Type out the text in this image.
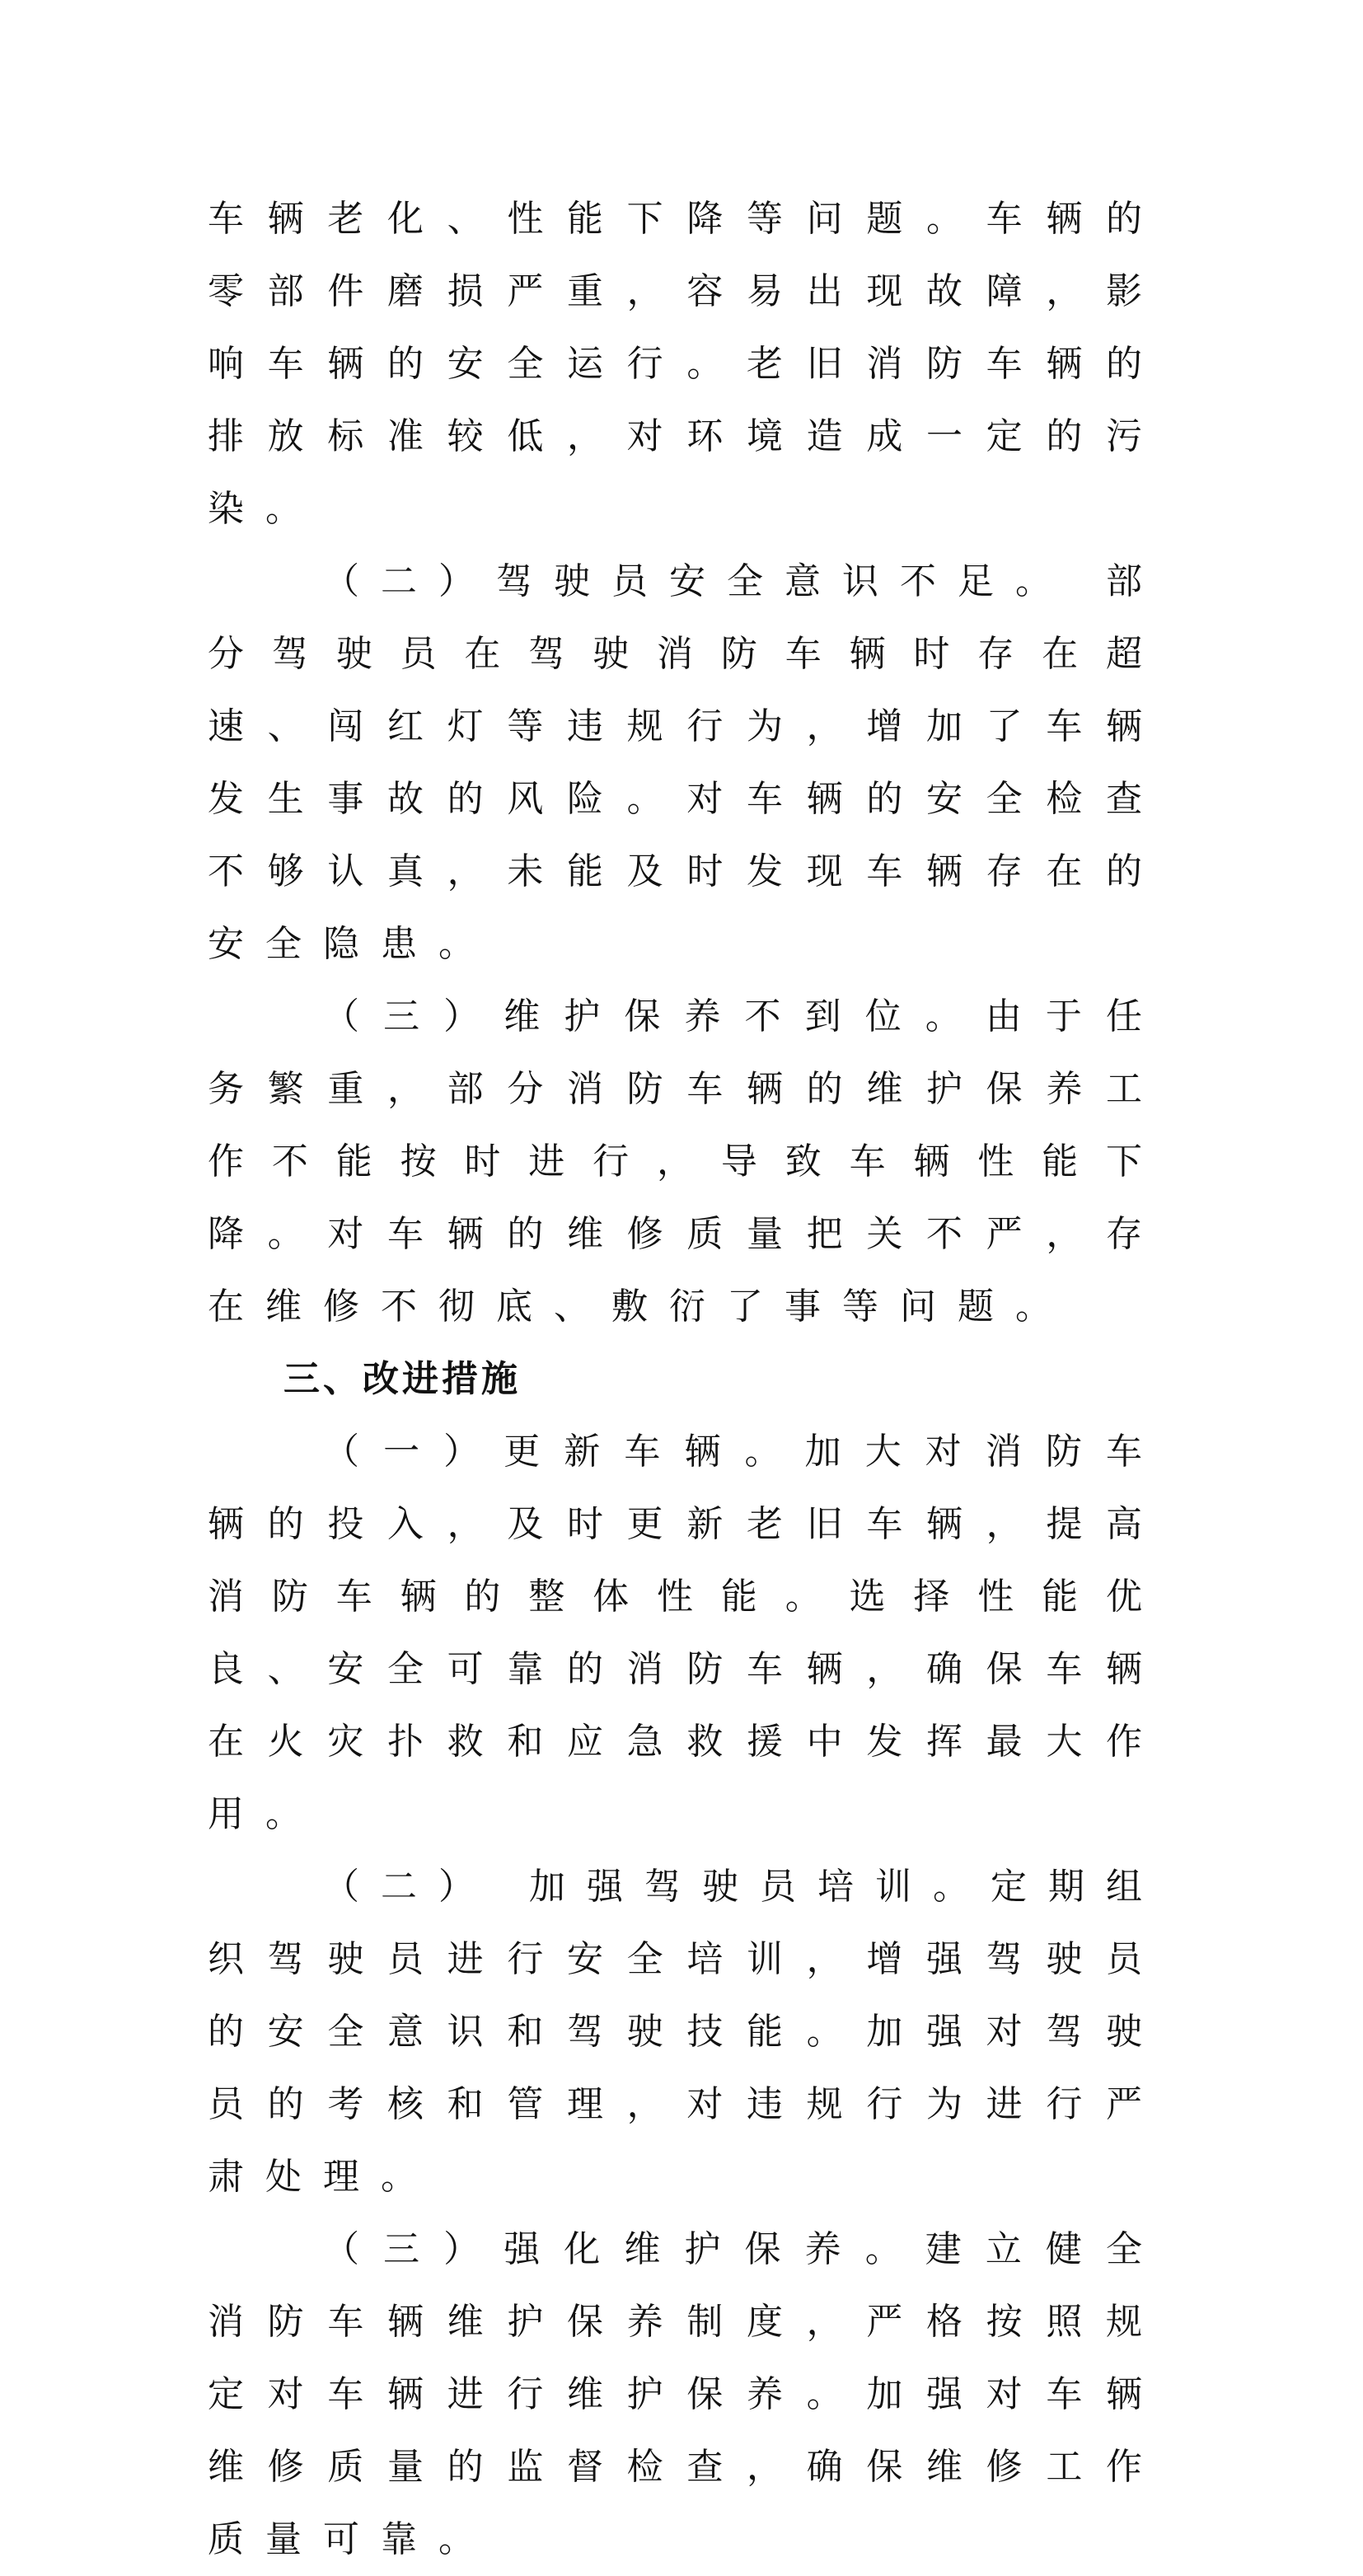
车辆老化、性能下降等问题。车辆的零部件磨损严重，容易出现故障，影响车辆的安全运行。老旧消防车辆的排放标准较低，对环境造成一定的污染。

（二）驾驶员安全意识不足。 部分驾驶员在驾驶消防车辆时存在超速、闯红灯等违规行为，增加了车辆发生事故的风险。对车辆的安全检查不够认真，未能及时发现车辆存在的安全隐患。

（三）维护保养不到位。由于任务繁重，部分消防车辆的维护保养工作不能按时进行，导致车辆性能下降。对车辆的维修质量把关不严，存在维修不彻底、敷衍了事等问题。

三、改进措施

（一）更新车辆。加大对消防车辆的投入，及时更新老旧车辆，提高消防车辆的整体性能。选择性能优良、安全可靠的消防车辆，确保车辆在火灾扑救和应急救援中发挥最大作用。

（二） 加强驾驶员培训。定期组织驾驶员进行安全培训，增强驾驶员的安全意识和驾驶技能。加强对驾驶员的考核和管理，对违规行为进行严肃处理。

（三）强化维护保养。建立健全消防车辆维护保养制度，严格按照规定对车辆进行维护保养。加强对车辆维修质量的监督检查，确保维修工作质量可靠。
